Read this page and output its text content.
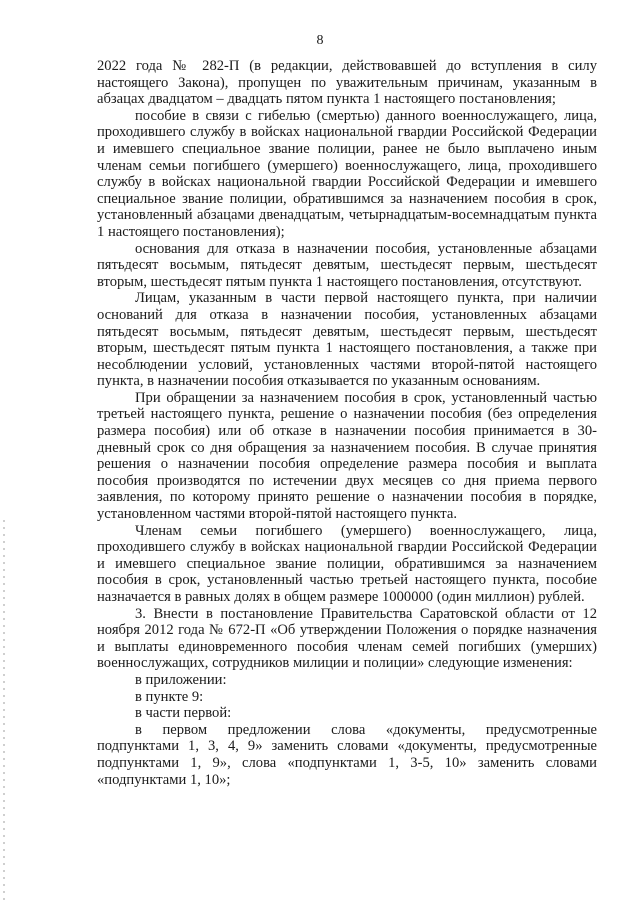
8

2022 года № 282-П (в редакции, действовавшей до вступления в силу настоящего Закона), пропущен по уважительным причинам, указанным в абзацах двадцатом – двадцать пятом пункта 1 настоящего постановления;

пособие в связи с гибелью (смертью) данного военнослужащего, лица, проходившего службу в войсках национальной гвардии Российской Федерации и имевшего специальное звание полиции, ранее не было выплачено иным членам семьи погибшего (умершего) военнослужащего, лица, проходившего службу в войсках национальной гвардии Российской Федерации и имевшего специальное звание полиции, обратившимся за назначением пособия в срок, установленный абзацами двенадцатым, четырнадцатым-восемнадцатым пункта 1 настоящего постановления);

основания для отказа в назначении пособия, установленные абзацами пятьдесят восьмым, пятьдесят девятым, шестьдесят первым, шестьдесят вторым, шестьдесят пятым пункта 1 настоящего постановления, отсутствуют.

Лицам, указанным в части первой настоящего пункта, при наличии оснований для отказа в назначении пособия, установленных абзацами пятьдесят восьмым, пятьдесят девятым, шестьдесят первым, шестьдесят вторым, шестьдесят пятым пункта 1 настоящего постановления, а также при несоблюдении условий, установленных частями второй-пятой настоящего пункта, в назначении пособия отказывается по указанным основаниям.

При обращении за назначением пособия в срок, установленный частью третьей настоящего пункта, решение о назначении пособия (без определения размера пособия) или об отказе в назначении пособия принимается в 30-дневный срок со дня обращения за назначением пособия. В случае принятия решения о назначении пособия определение размера пособия и выплата пособия производятся по истечении двух месяцев со дня приема первого заявления, по которому принято решение о назначении пособия в порядке, установленном частями второй-пятой настоящего пункта.

Членам семьи погибшего (умершего) военнослужащего, лица, проходившего службу в войсках национальной гвардии Российской Федерации и имевшего специальное звание полиции, обратившимся за назначением пособия в срок, установленный частью третьей настоящего пункта, пособие назначается в равных долях в общем размере 1000000 (один миллион) рублей.

3. Внести в постановление Правительства Саратовской области от 12 ноября 2012 года № 672-П «Об утверждении Положения о порядке назначения и выплаты единовременного пособия членам семей погибших (умерших) военнослужащих, сотрудников милиции и полиции» следующие изменения:

в приложении:

в пункте 9:

в части первой:

в первом предложении слова «документы, предусмотренные подпунктами 1, 3, 4, 9» заменить словами «документы, предусмотренные подпунктами 1, 9», слова «подпунктами 1, 3-5, 10» заменить словами «подпунктами 1, 10»;
